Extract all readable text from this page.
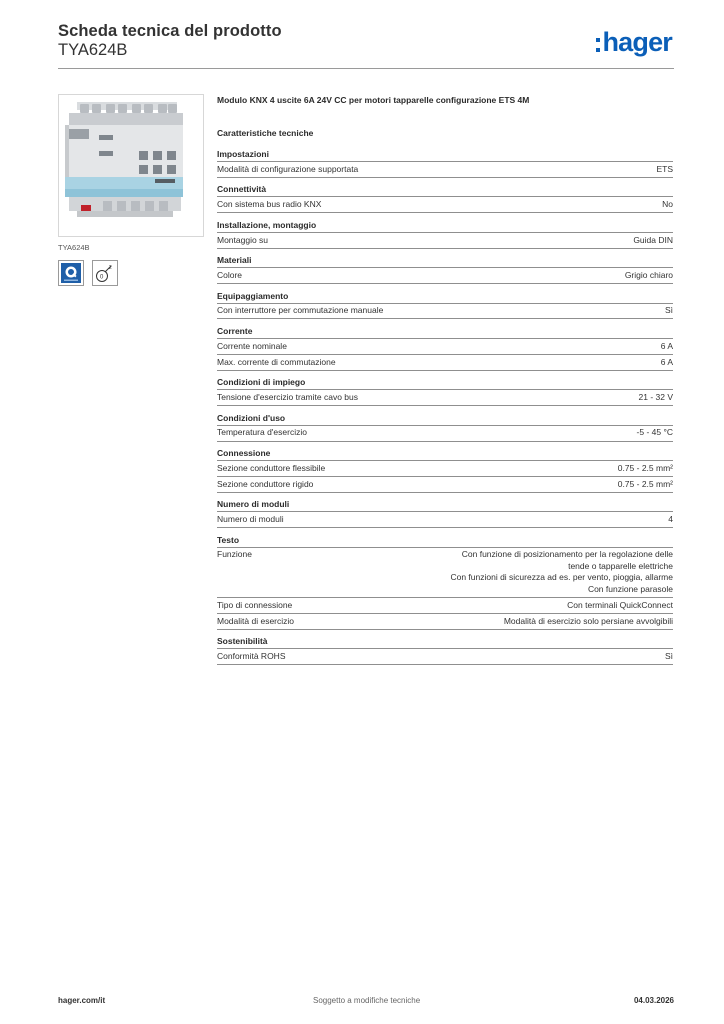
Scheda tecnica del prodotto
TYA624B	hager
TYA624B
0
2
Modulo KNX 4 uscite 6A 24V CC per motori tapparelle configurazione ETS 4M
Caratteristiche tecniche
Impostazioni
Modalità di configurazione supportata	ETS
Connettività
Con sistema bus radio KNX	No
Installazione, montaggio
Montaggio su	Guida DIN
Materiali
Colore	Grigio chiaro
Equipaggiamento
Con interruttore per commutazione manuale	Sì
Corrente
Corrente nominale	6 A
Max. corrente di commutazione	6 A
Condizioni di impiego
Tensione d'esercizio tramite cavo bus	21 - 32 V
Condizioni d'uso
Temperatura d'esercizio	-5 - 45 °C
Connessione
Sezione conduttore flessibile	0.75 - 2.5 mm²
Sezione conduttore rigido	0.75 - 2.5 mm²
Numero di moduli
Numero di moduli	4
Testo
Funzione	Con funzione di posizionamento per la regolazione delle
tende o tapparelle elettriche
Con funzioni di sicurezza ad es. per vento, pioggia, allarme
Con funzione parasole
Tipo di connessione	Con terminali QuickConnect
Modalità di esercizio	Modalità di esercizio solo persiane avvolgibili
Sostenibilità
Conformità ROHS	Sì
hager.com/it	Soggetto a modifiche tecniche	04.03.2026
